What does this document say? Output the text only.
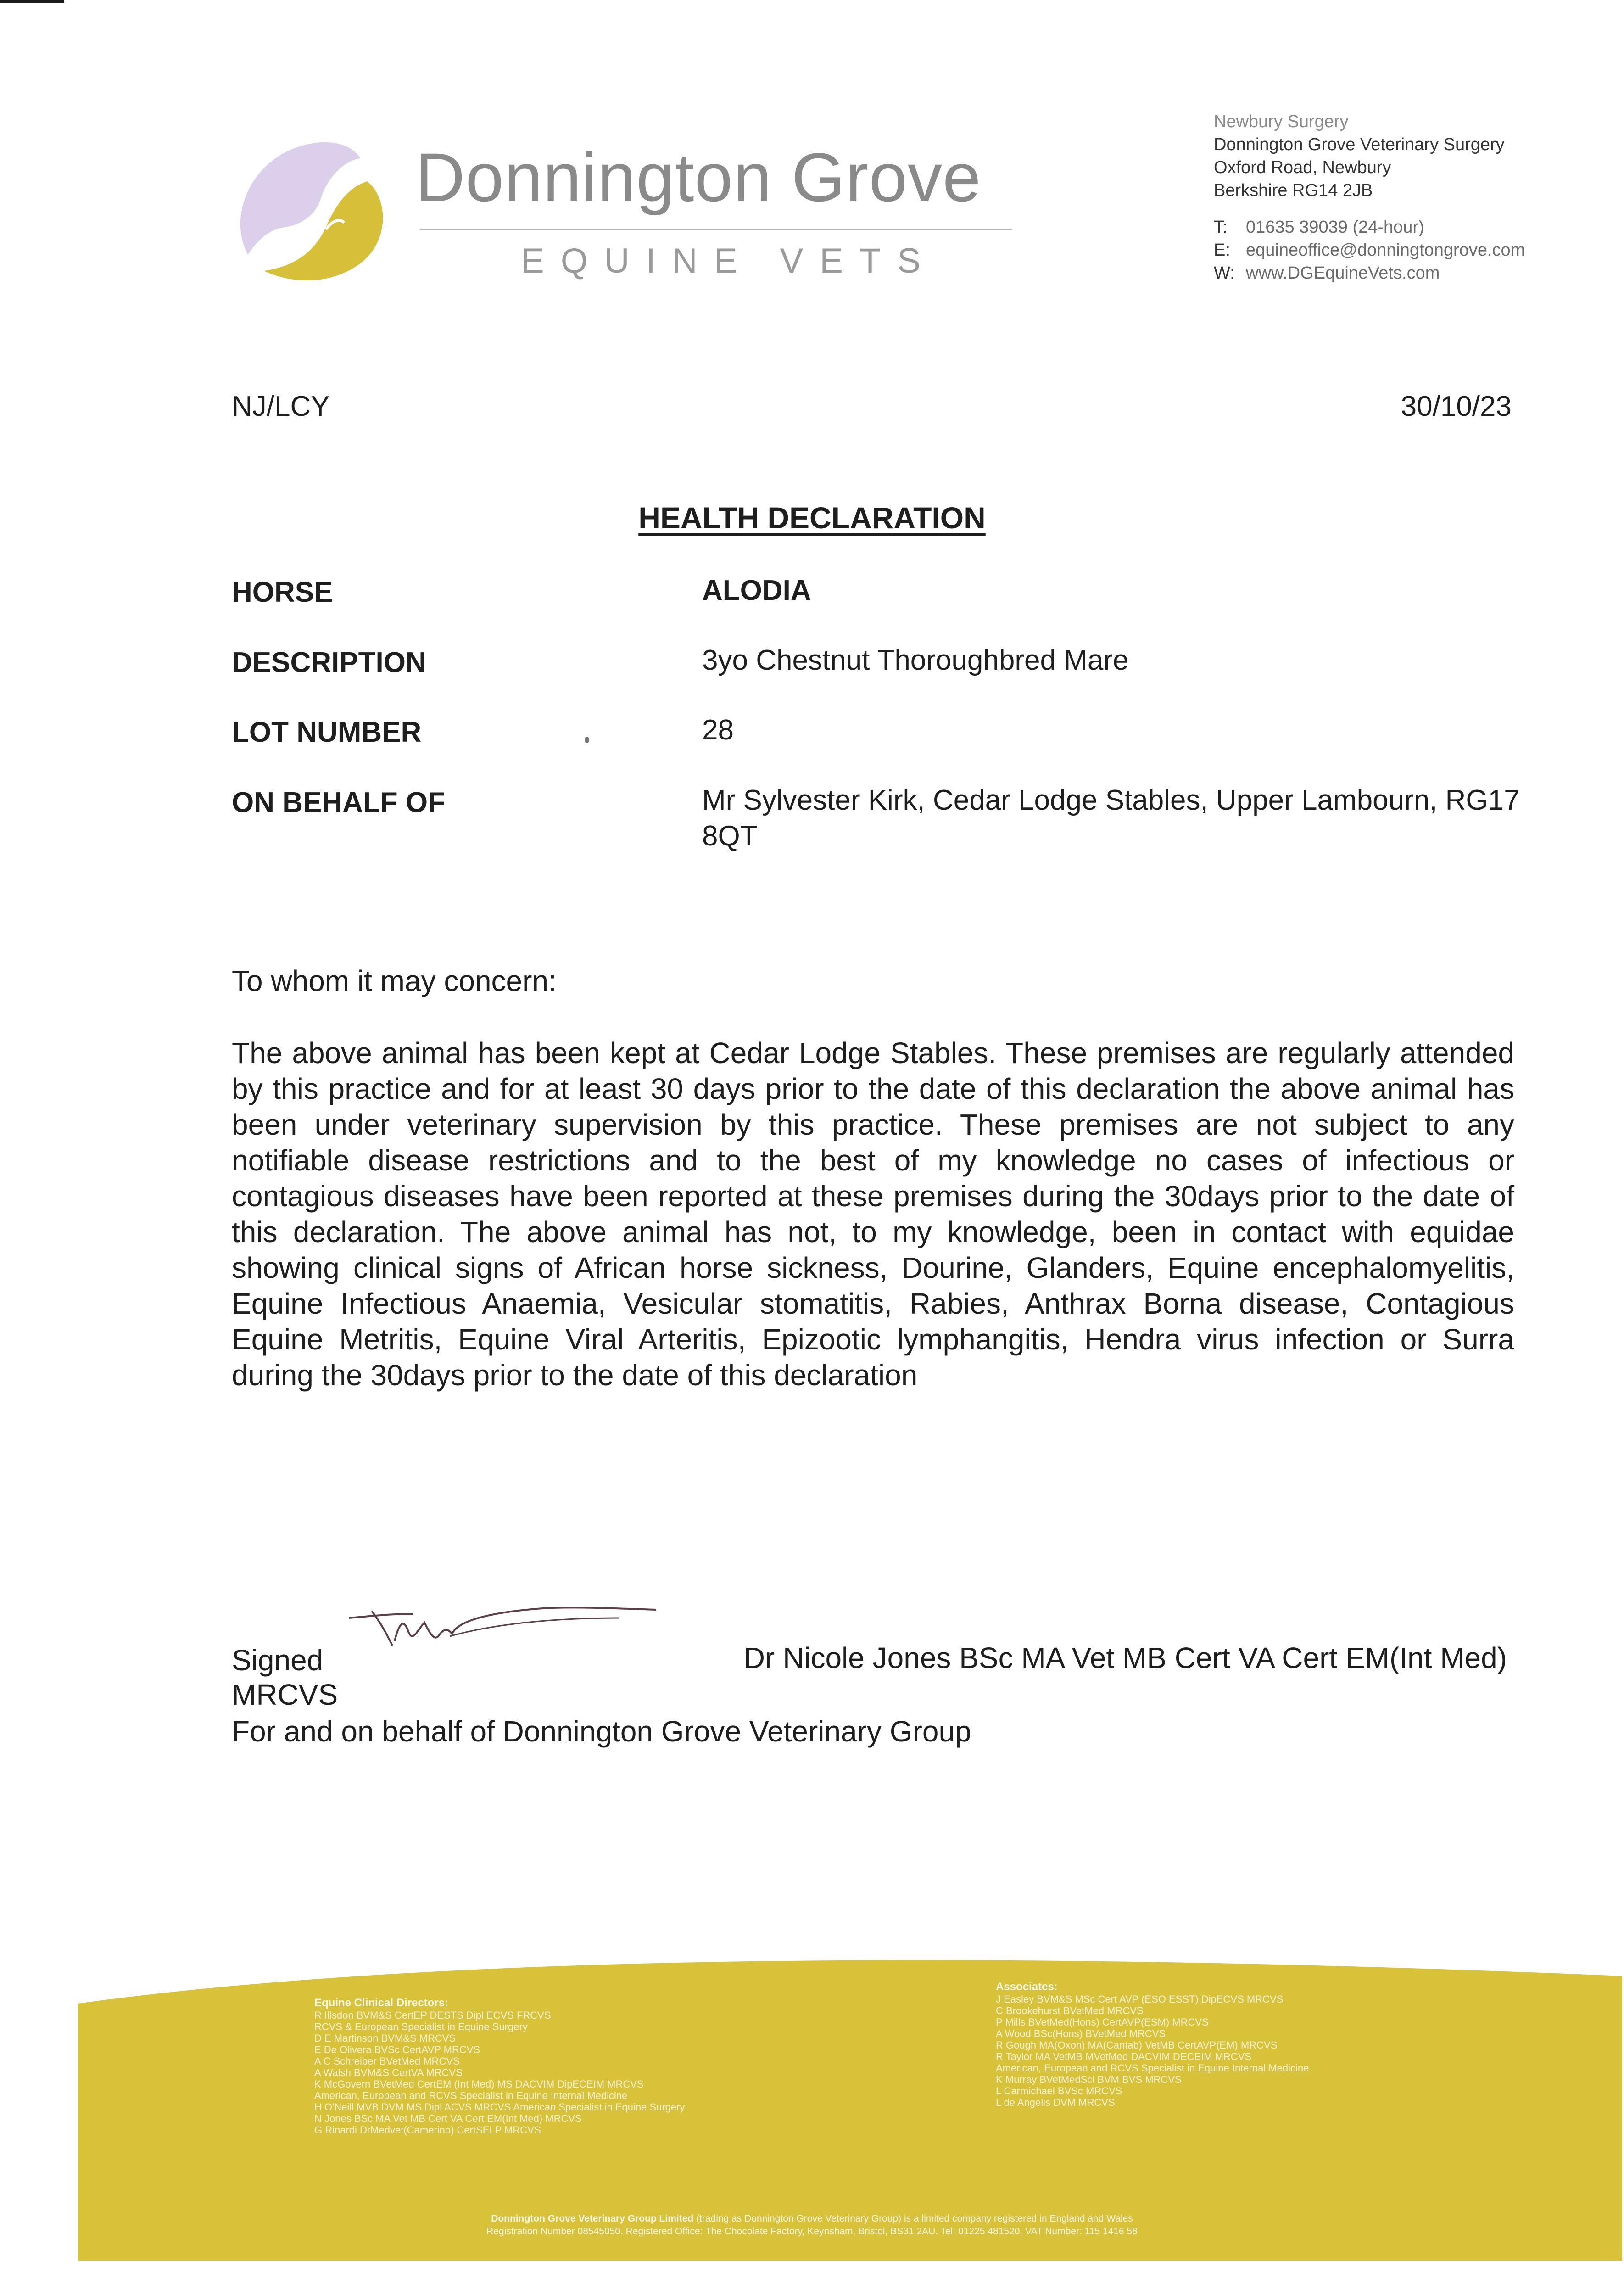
Donnington Grove
EQUINE VETS
Newbury Surgery
Donnington Grove Veterinary Surgery
Oxford Road, Newbury
Berkshire RG14 2JB
T: 01635 39039 (24-hour)
E: equineoffice@donningtongrove.com
W: www.DGEquineVets.com
NJ/LCY	30/10/23
HEALTH DECLARATION
HORSE	ALODIA
DESCRIPTION	3yo Chestnut Thoroughbred Mare
LOT NUMBER	28
ON BEHALF OF	Mr Sylvester Kirk, Cedar Lodge Stables, Upper Lambourn, RG17 8QT
To whom it may concern:

The above animal has been kept at Cedar Lodge Stables. These premises are regularly attended by this practice and for at least 30 days prior to the date of this declaration the above animal has been under veterinary supervision by this practice. These premises are not subject to any notifiable disease restrictions and to the best of my knowledge no cases of infectious or contagious diseases have been reported at these premises during the 30days prior to the date of this declaration. The above animal has not, to my knowledge, been in contact with equidae showing clinical signs of African horse sickness, Dourine, Glanders, Equine encephalomyelitis, Equine Infectious Anaemia, Vesicular stomatitis, Rabies, Anthrax Borna disease, Contagious Equine Metritis, Equine Viral Arteritis, Epizootic lymphangitis, Hendra virus infection or Surra during the 30days prior to the date of this declaration

Signed	Dr Nicole Jones BSc MA Vet MB Cert VA Cert EM(Int Med)
MRCVS
For and on behalf of Donnington Grove Veterinary Group
Equine Clinical Directors:
R Illsdon BVM&S CertEP DESTS Dipl ECVS FRCVS
RCVS & European Specialist in Equine Surgery
D E Martinson BVM&S MRCVS
E De Olivera BVSc CertAVP MRCVS
A C Schreiber BVetMed MRCVS
A Walsh BVM&S CertVA MRCVS
K McGovern BVetMed CertEM (Int Med) MS DACVIM DipECEIM MRCVS
American, European and RCVS Specialist in Equine Internal Medicine
H O'Neill MVB DVM MS Dipl ACVS MRCVS American Specialist in Equine Surgery
N Jones BSc MA Vet MB Cert VA Cert EM(Int Med) MRCVS
G Rinardi DrMedvet(Camerino) CertSELP MRCVS
Associates:
J Easley BVM&S MSc Cert AVP (ESO ESST) DipECVS MRCVS
C Brookehurst BVetMed MRCVS
P Mills BVetMed(Hons) CertAVP(ESM) MRCVS
A Wood BSc(Hons) BVetMed MRCVS
R Gough MA(Oxon) MA(Cantab) VetMB CertAVP(EM) MRCVS
R Taylor MA VetMB MVetMed DACVIM DECEIM MRCVS
American, European and RCVS Specialist in Equine Internal Medicine
K Murray BVetMedSci BVM BVS MRCVS
L Carmichael BVSc MRCVS
L de Angelis DVM MRCVS
Donnington Grove Veterinary Group Limited (trading as Donnington Grove Veterinary Group) is a limited company registered in England and Wales
Registration Number 08545050. Registered Office: The Chocolate Factory, Keynsham, Bristol, BS31 2AU. Tel: 01225 481520. VAT Number: 115 1416 58
